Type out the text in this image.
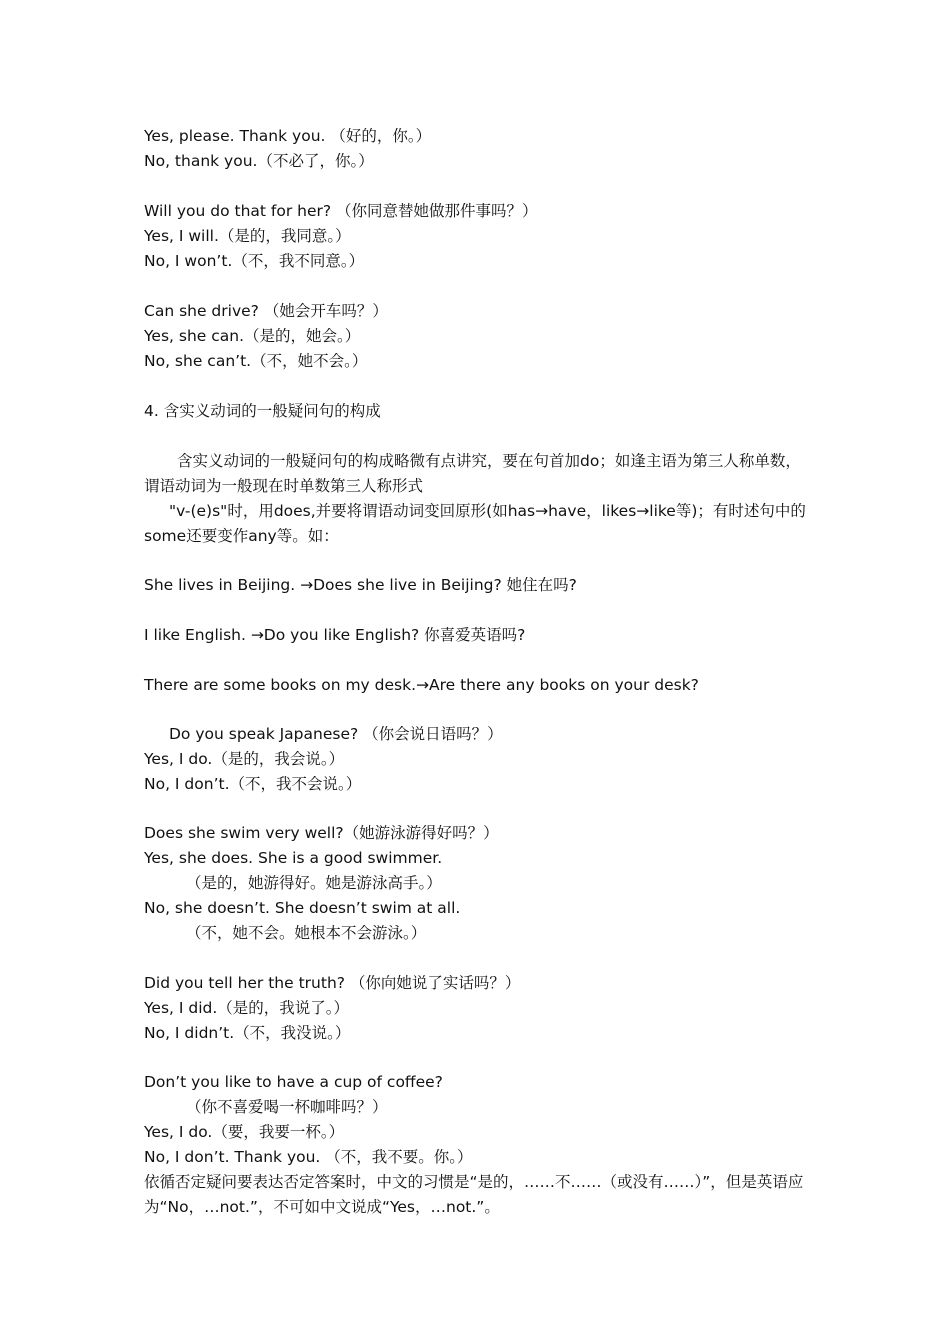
Yes, please. Thank you. （好的，你。）
No, thank you.（不必了，你。）
Will you do that for her? （你同意替她做那件事吗？）
Yes, I will.（是的，我同意。）
No, I won’t.（不，我不同意。）
Can she drive? （她会开车吗？）
Yes, she can.（是的，她会。）
No, she can’t.（不，她不会。）
4. 含实义动词的一般疑问句的构成
含实义动词的一般疑问句的构成略微有点讲究，要在句首加do；如逢主语为第三人称单数，谓语动词为一般现在时单数第三人称形式
"v-(e)s"时，用does,并要将谓语动词变回原形(如has→have，likes→like等)；有时述句中的some还要变作any等。如：
She lives in Beijing. →Does she live in Beijing? 她住在吗?
I like English. →Do you like English? 你喜爱英语吗?
There are some books on my desk.→Are there any books on your desk?
Do you speak Japanese? （你会说日语吗？）
Yes, I do.（是的，我会说。）
No, I don’t.（不，我不会说。）
Does she swim very well?（她游泳游得好吗？）
Yes, she does. She is a good swimmer.
（是的，她游得好。她是游泳高手。）
No, she doesn’t. She doesn’t swim at all.
（不，她不会。她根本不会游泳。）
Did you tell her the truth? （你向她说了实话吗？）
Yes, I did.（是的，我说了。）
No, I didn’t.（不，我没说。）
Don’t you like to have a cup of coffee?
（你不喜爱喝一杯咖啡吗？）
Yes, I do.（要，我要一杯。）
No, I don’t. Thank you. （不，我不要。你。）
依循否定疑问要表达否定答案时，中文的习惯是“是的，……不……（或没有……）”，但是英语应为“No，…not.”，不可如中文说成“Yes，…not.”。
